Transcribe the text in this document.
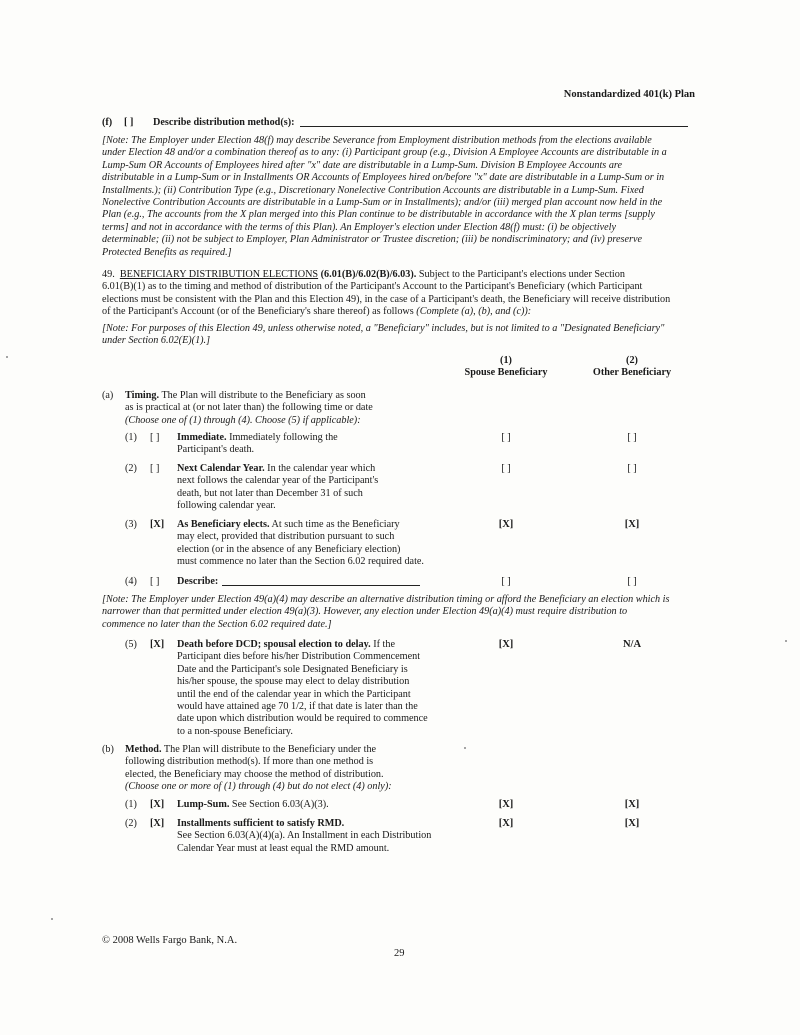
Nonstandardized 401(k) Plan
(f) [ ] Describe distribution method(s):
[Note: The Employer under Election 48(f) may describe Severance from Employment distribution methods from the elections available
under Election 48 and/or a combination thereof as to any: (i) Participant group (e.g., Division A Employee Accounts are distributable in a
Lump-Sum OR Accounts of Employees hired after "x" date are distributable in a Lump-Sum. Division B Employee Accounts are
distributable in a Lump-Sum or in Installments OR Accounts of Employees hired on/before "x" date are distributable in a Lump-Sum or in
Installments.); (ii) Contribution Type (e.g., Discretionary Nonelective Contribution Accounts are distributable in a Lump-Sum. Fixed
Nonelective Contribution Accounts are distributable in a Lump-Sum or in Installments); and/or (iii) merged plan account now held in the
Plan (e.g., The accounts from the X plan merged into this Plan continue to be distributable in accordance with the X plan terms [supply
terms] and not in accordance with the terms of this Plan). An Employer's election under Election 48(f) must: (i) be objectively
determinable; (ii) not be subject to Employer, Plan Administrator or Trustee discretion; (iii) be nondiscriminatory; and (iv) preserve
Protected Benefits as required.]
49. BENEFICIARY DISTRIBUTION ELECTIONS (6.01(B)/6.02(B)/6.03). Subject to the Participant's elections under Section
6.01(B)(1) as to the timing and method of distribution of the Participant's Account to the Participant's Beneficiary (which Participant
elections must be consistent with the Plan and this Election 49), in the case of a Participant's death, the Beneficiary will receive distribution
of the Participant's Account (or of the Beneficiary's share thereof) as follows (Complete (a), (b), and (c)):
[Note: For purposes of this Election 49, unless otherwise noted, a "Beneficiary" includes, but is not limited to a "Designated Beneficiary"
under Section 6.02(E)(1).]
(1)
Spouse Beneficiary
(2)
Other Beneficiary
(a) Timing. The Plan will distribute to the Beneficiary as soon
as is practical at (or not later than) the following time or date
(Choose one of (1) through (4). Choose (5) if applicable):
(1) [ ] Immediate. Immediately following the
Participant's death.
[ ]	[ ]
(2) [ ] Next Calendar Year. In the calendar year which
next follows the calendar year of the Participant's
death, but not later than December 31 of such
following calendar year.
[ ]	[ ]
(3) [X] As Beneficiary elects. At such time as the Beneficiary
may elect, provided that distribution pursuant to such
election (or in the absence of any Beneficiary election)
must commence no later than the Section 6.02 required date.
[X]	[X]
(4) [ ] Describe:	[ ]	[ ]
[Note: The Employer under Election 49(a)(4) may describe an alternative distribution timing or afford the Beneficiary an election which is
narrower than that permitted under election 49(a)(3). However, any election under Election 49(a)(4) must require distribution to
commence no later than the Section 6.02 required date.]
(5) [X] Death before DCD; spousal election to delay. If the
Participant dies before his/her Distribution Commencement
Date and the Participant's sole Designated Beneficiary is
his/her spouse, the spouse may elect to delay distribution
until the end of the calendar year in which the Participant
would have attained age 70 1/2, if that date is later than the
date upon which distribution would be required to commence
to a non-spouse Beneficiary.
[X]	N/A
(b) Method. The Plan will distribute to the Beneficiary under the
following distribution method(s). If more than one method is
elected, the Beneficiary may choose the method of distribution.
(Choose one or more of (1) through (4) but do not elect (4) only):
(1) [X] Lump-Sum. See Section 6.03(A)(3).	[X]	[X]
(2) [X] Installments sufficient to satisfy RMD.
See Section 6.03(A)(4)(a). An Installment in each Distribution
Calendar Year must at least equal the RMD amount.
[X]	[X]
© 2008 Wells Fargo Bank, N.A.
29
